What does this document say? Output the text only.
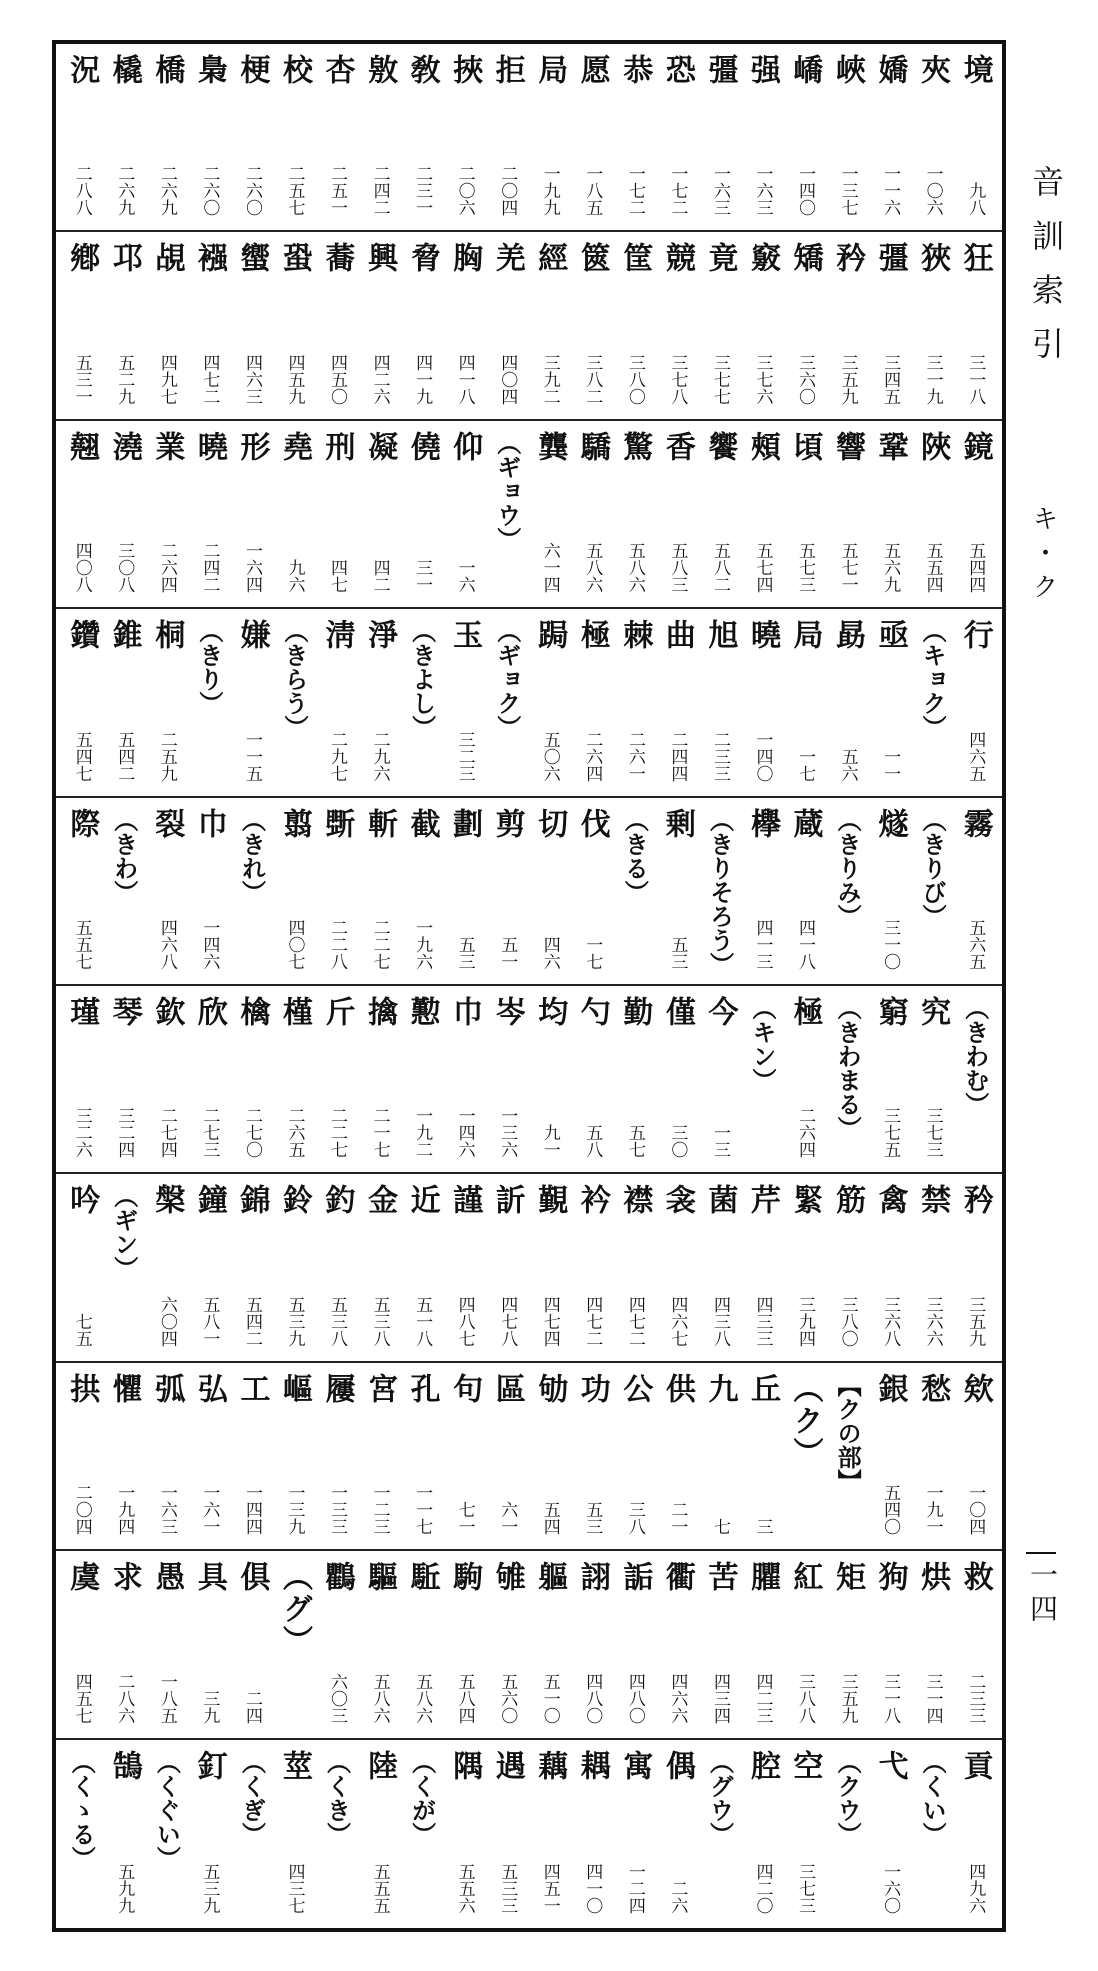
境
九八
夾
一〇六
嬌
一一六
峽
一三七
嶠
一四〇
强
一六三
彊
一六三
恐
一七二
恭
一七二
愿
一八五
局
一九九
拒
二〇四
挾
二〇六
敎
二三一
敫
二四二
杏
二五一
校
二五七
梗
二六〇
梟
二六〇
橋
二六九
橇
二六九
況
二八八
狂
三一八
狹
三一九
彊
三四五
矜
三五九
矯
三六〇
竅
三七六
竟
三七七
競
三七八
筐
三八〇
篋
三八二
經
三九二
羌
四〇四
胸
四一八
脅
四一九
興
四二六
蕎
四五〇
蛩
四五九
蠁
四六三
襁
四七二
覘
四九七
邛
五二九
鄕
五三一
鏡
五四四
陜
五五四
鞏
五六九
響
五七一
頃
五七三
頰
五七四
饗
五八二
香
五八三
驚
五八六
驕
五八六
龔
六一四
（ギョウ）
仰
一六
僥
三一
凝
四二
刑
四七
堯
九六
形
一六四
曉
二四二
業
二六四
澆
三〇八
翹
四〇八
行
四六五
（キョク）
亟
一一
勗
五六
局
一七
曉
一四〇
旭
二三三
曲
二四四
棘
二六一
極
二六四
跼
五〇六
（ギョク）
玉
三二三
（きよし）
淨
二九六
淸
二九七
（きらう）
嫌
一一五
（きり）
桐
二五九
錐
五四二
鑽
五四七
霧
五六五
（きりび）
燧
三一〇
（きりみ）
蔵
四一八
欅
四一三
（きりそろう）
剰
五三
（きる）
伐
一七
切
四六
剪
五一
劃
五三
截
一九六
斬
二二七
斲
二二八
翦
四〇七
（きれ）
巾
一四六
裂
四六八
（きわ）
際
五五七
（きわむ）
究
三七三
窮
三七五
（きわまる）
極
二六四
（キン）
今
一三
僅
三〇
勤
五七
勺
五八
均
九一
岑
一三六
巾
一四六
懃
一九二
擒
二一七
斤
二二七
槿
二六五
檎
二七〇
欣
二七三
欽
二七四
琴
三二四
瑾
三二六
矜
三五九
禁
三六六
禽
三六八
筋
三八〇
緊
三九四
芹
四三三
菌
四三八
衾
四六七
襟
四七二
衿
四七二
覲
四七四
訢
四七八
謹
四八七
近
五一八
金
五三八
釣
五三八
鈴
五三九
錦
五四二
鐘
五八一
槃
六〇四
（ギン）
吟
七五
欸
一〇四
愁
一九一
銀
五四〇
【クの部】
（ク）
丘
三
九
七
供
二一
公
三八
功
五三
劬
五四
區
六一
句
七一
孔
一一七
宮
一二三
屨
一三三
嶇
一三九
工
一四四
弘
一六一
弧
一六三
懼
一九四
拱
二〇四
救
二三三
烘
三一四
狗
三一八
矩
三五九
紅
三八八
臞
四二三
苦
四三四
衢
四六六
詬
四八〇
詡
四八〇
軀
五一〇
雊
五六〇
駒
五八四
駈
五八六
驅
五八六
鸜
六〇三
（グ）
俱
二四
具
三九
愚
一八五
求
二八六
虞
四五七
貢
四九六
（くい）
弋
一六〇
（クウ）
空
三七三
腔
四二〇
（グウ）
偶
二六
寓
一二四
耦
四一〇
藕
四五一
遇
五三三
隅
五五六
（くが）
陸
五五五
（くき）
莖
四三七
（くぎ）
釘
五三九
（くぐい）
鵠
五九九
（くゝる）
音訓索引
キ・ク
一四
